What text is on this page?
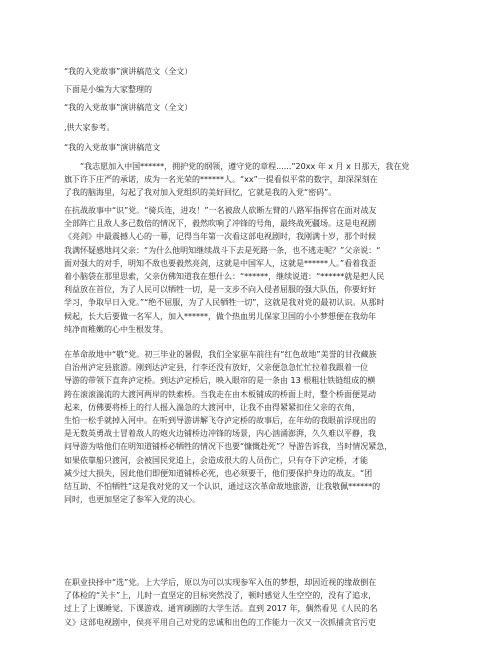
“我的入党故事”演讲稿范文（全文）
下面是小编为大家整理的
“我的入党故事”演讲稿范文（全文）
,供大家参考。
“我的入党故事”演讲稿范文
“我志愿加入中国******，拥护党的纲领，遵守党的章程......”20xx 年 x 月 x 日那天，我在党
旗下许下庄严的承诺，成为一名光荣的******人。“xx”一提看似平常的数字，却深深刻在
了我的脑海里，勾起了我对加入党组织的美好回忆，它就是我的入党“密码”。
在抗战故事中“识”党。“骑兵连，进攻！”一名被敌人砍断左臂的八路军指挥官在面对战友
全部阵亡且敌人多己数倍的情况下，毅然吹响了冲锋的号角，最终战死疆场。这是电视剧
《亮剑》中最震撼人心的一幕，记得当年第一次看这部电视剧时，我刚满十岁，那个时候
我满怀疑感地问父亲：“为什么他明知继续战斗下去是死路一条，也不逃走呢？”父亲说：“
面对强大的对手，明知不敌也要毅然亮剑，这就是中国军人，这就是******人。”看着我歪
着小脑袋在那里思索，父亲仿佛知道我在想什么：“******，继续说道：“******就是把人民
利益放在首位，为了人民可以牺牲一切，是一支步不向入侵者屈服的强大队伍，你要好好
学习，争取早日入党。”“绝不屈服，为了人民牺牲一切”，这就是我对党的最初认识。从那时
候起，长大后要做一名军人，加入******，做个热血男儿保家卫国的小小梦想便在我幼年
纯净而稚嫩的心中生根发芽。
在革命故地中“敬”党。初三毕业的暑假，我们全家驱车前往有“红色故地”美誉的甘孜藏族
自治州泸定县旅游。刚到达泸定县，行李还没有放好，父亲便急急忙忙拉着我跟着一位
导游的带领下直奔泸定桥。到达泸定桥后，映入眼帘的是一条由 13 根粗壮铁链组成的横
跨在滚滚湍流的大渡河两岸的铁索桥。当我走在由木板铺成的桥面上时，整个桥面便晃动
起来，仿佛要将桥上的行人摇入湍急的大渡河中，让我不由得紧紧扣住父亲的衣角，
生怕一松手就掉入河中。在听到导游讲解飞夺泸定桥的故事后，在年幼的我眼前浮现出的
是无数英勇战士冒着敌人的炮火边铺桥边冲锋的场景，内心汹涌澎湃，久久难以平静，我
问导游为啥他们在明知道铺桥必牺牲的情况下也要“慷慨赴死”？导游告诉我，当时情况紧急，
如果依靠船只渡河，会被国民党追上，会造成很大的人员伤亡，只有夺下泸定桥，才能
减少过大损失，因此他们即便知道铺桥必死，也必须要干，他们要保护身边的战友。“团
结互助、不怕牺牲”这是我对党的又一个认识，通过这次革命故地旅游，让我敬佩******的
同时，也更加坚定了参军入党的决心。
在职业抉择中“选”党。上大学后，原以为可以实现参军入伍的梦想，却因近视的缘故倒在
了体检的“关卡”上，儿时一直坚定的目标突然没了，顿时感觉人生空空的，没有了追求，
过上了上课睡觉、下课游戏、通宵刷剧的大学生活。直到 2017 年，偶然看见《人民的名
义》这部电视剧中，侯亮平用自己对党的忠诚和出色的工作能力一次又一次抓捕贪官污吏
